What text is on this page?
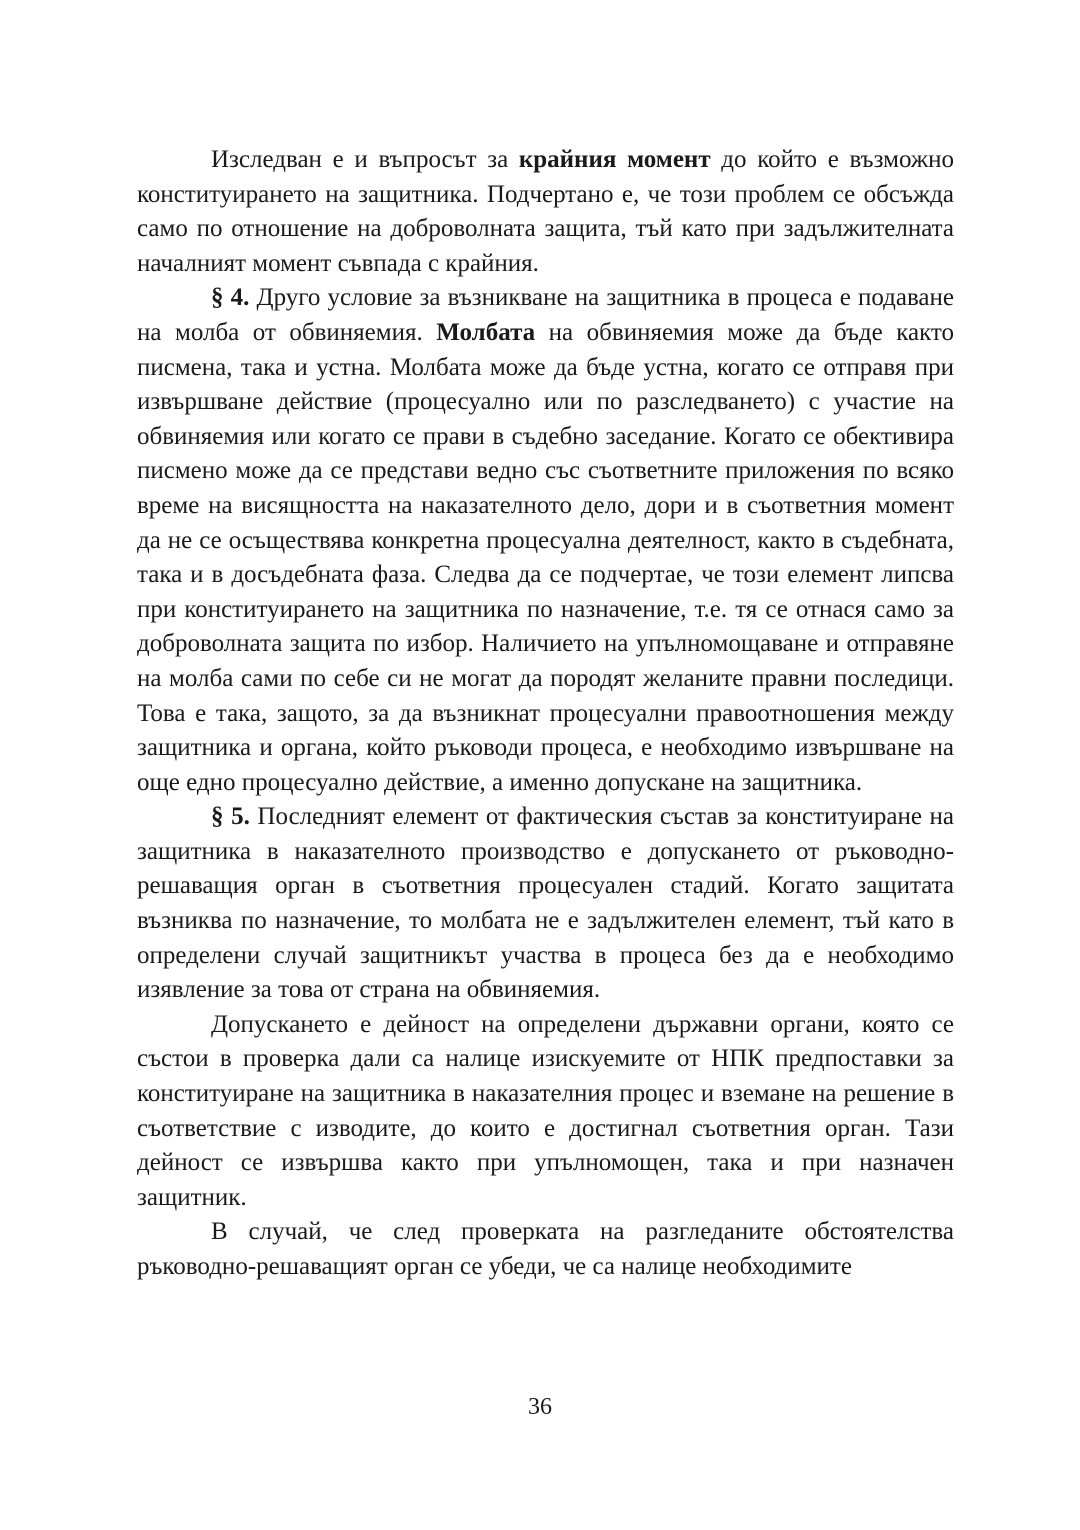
Изследван е и въпросът за крайния момент до който е възможно конституирането на защитника. Подчертано е, че този проблем се обсъжда само по отношение на доброволната защита, тъй като при задължителната началният момент съвпада с крайния.

§ 4. Друго условие за възникване на защитника в процеса е подаване на молба от обвиняемия. Молбата на обвиняемия може да бъде както писмена, така и устна. Молбата може да бъде устна, когато се отправя при извършване действие (процесуално или по разследването) с участие на обвиняемия или когато се прави в съдебно заседание. Когато се обективира писмено може да се представи ведно със съответните приложения по всяко време на висящността на наказателното дело, дори и в съответния момент да не се осъществява конкретна процесуална деятелност, както в съдебната, така и в досъдебната фаза. Следва да се подчертае, че този елемент липсва при конституирането на защитника по назначение, т.е. тя се отнася само за доброволната защита по избор. Наличието на упълномощаване и отправяне на молба сами по себе си не могат да породят желаните правни последици. Това е така, защото, за да възникнат процесуални правоотношения между защитника и органа, който ръководи процеса, е необходимо извършване на още едно процесуално действие, а именно допускане на защитника.

§ 5. Последният елемент от фактическия състав за конституиране на защитника в наказателното производство е допускането от ръководно-решаващия орган в съответния процесуален стадий. Когато защитата възниква по назначение, то молбата не е задължителен елемент, тъй като в определени случай защитникът участва в процеса без да е необходимо изявление за това от страна на обвиняемия.

Допускането е дейност на определени държавни органи, която се състои в проверка дали са налице изискуемите от НПК предпоставки за конституиране на защитника в наказателния процес и вземане на решение в съответствие с изводите, до които е достигнал съответния орган. Тази дейност се извършва както при упълномощен, така и при назначен защитник.

В случай, че след проверката на разгледаните обстоятелства ръководно-решаващият орган се убеди, че са налице необходимите

36
